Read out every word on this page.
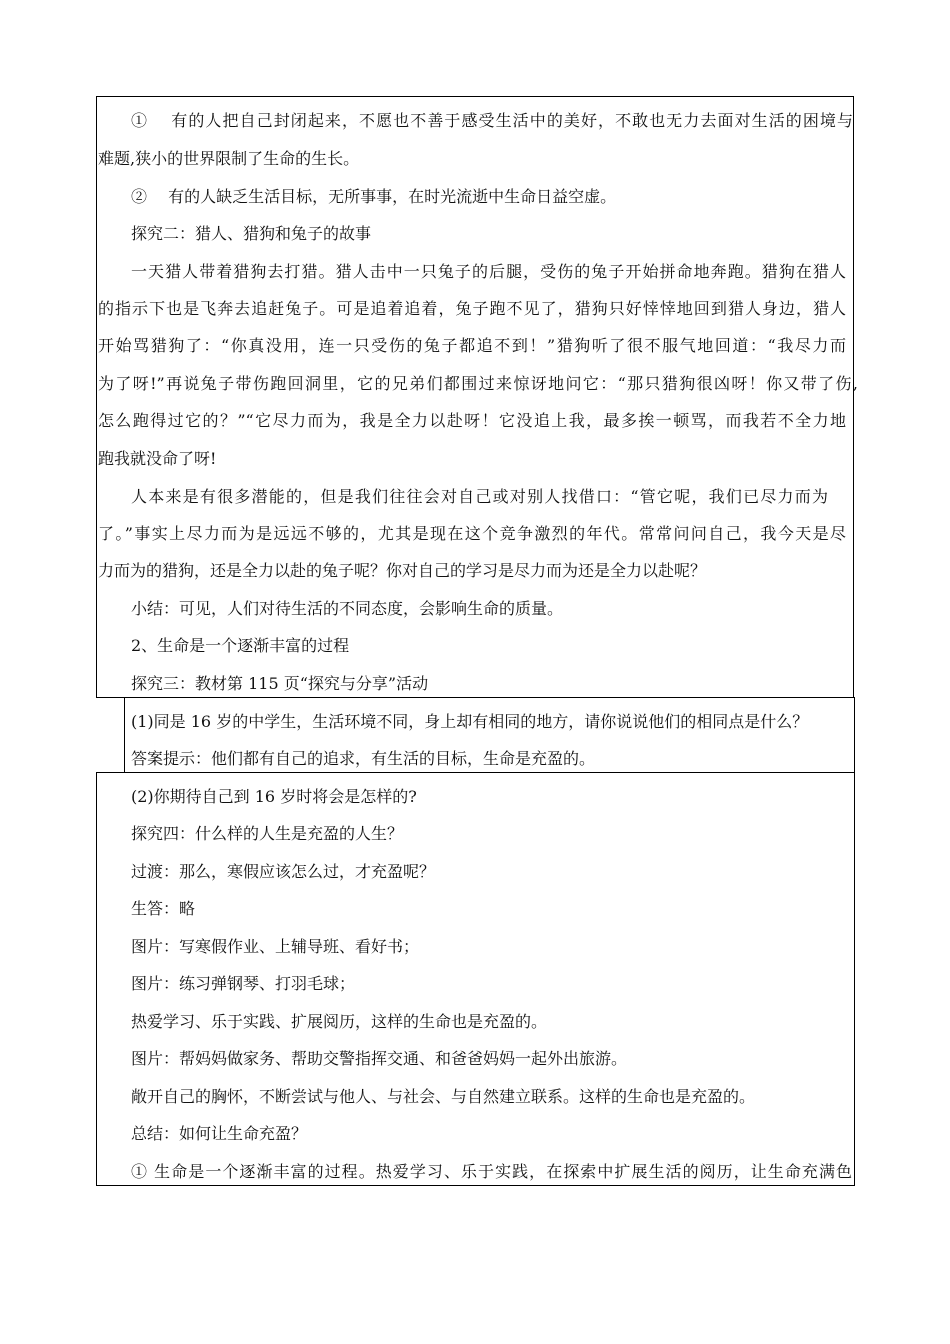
①　 有的人把自己封闭起来，不愿也不善于感受生活中的美好，不敢也无力去面对生活的困境与
难题,狭小的世界限制了生命的生长。
②　 有的人缺乏生活目标，无所事事，在时光流逝中生命日益空虚。
探究二：猎人、猎狗和兔子的故事
一天猎人带着猎狗去打猎。猎人击中一只兔子的后腿，受伤的兔子开始拼命地奔跑。猎狗在猎人
的指示下也是飞奔去追赶兔子。可是追着追着，兔子跑不见了，猎狗只好悻悻地回到猎人身边，猎人
开始骂猎狗了：“你真没用，连一只受伤的兔子都追不到！”猎狗听了很不服气地回道：“我尽力而
为了呀!”再说兔子带伤跑回洞里，它的兄弟们都围过来惊讶地问它：“那只猎狗很凶呀！你又带了伤,
怎么跑得过它的？”“它尽力而为，我是全力以赴呀！它没追上我，最多挨一顿骂，而我若不全力地
跑我就没命了呀!
人本来是有很多潜能的，但是我们往往会对自己或对别人找借口：“管它呢，我们已尽力而为
了。”事实上尽力而为是远远不够的，尤其是现在这个竞争激烈的年代。常常问问自己，我今天是尽
力而为的猎狗，还是全力以赴的兔子呢？你对自己的学习是尽力而为还是全力以赴呢？
小结：可见，人们对待生活的不同态度，会影响生命的质量。
2、生命是一个逐渐丰富的过程
探究三：教材第 115 页“探究与分享”活动
(1)同是 16 岁的中学生，生活环境不同，身上却有相同的地方，请你说说他们的相同点是什么？
答案提示：他们都有自己的追求，有生活的目标，生命是充盈的。
(2)你期待自己到 16 岁时将会是怎样的?
探究四：什么样的人生是充盈的人生？
过渡：那么，寒假应该怎么过，才充盈呢？
生答：略
图片：写寒假作业、上辅导班、看好书；
图片：练习弹钢琴、打羽毛球；
热爱学习、乐于实践、扩展阅历，这样的生命也是充盈的。
图片：帮妈妈做家务、帮助交警指挥交通、和爸爸妈妈一起外出旅游。
敞开自己的胸怀，不断尝试与他人、与社会、与自然建立联系。这样的生命也是充盈的。
总结：如何让生命充盈？
① 生命是一个逐渐丰富的过程。热爱学习、乐于实践，在探索中扩展生活的阅历，让生命充满色
